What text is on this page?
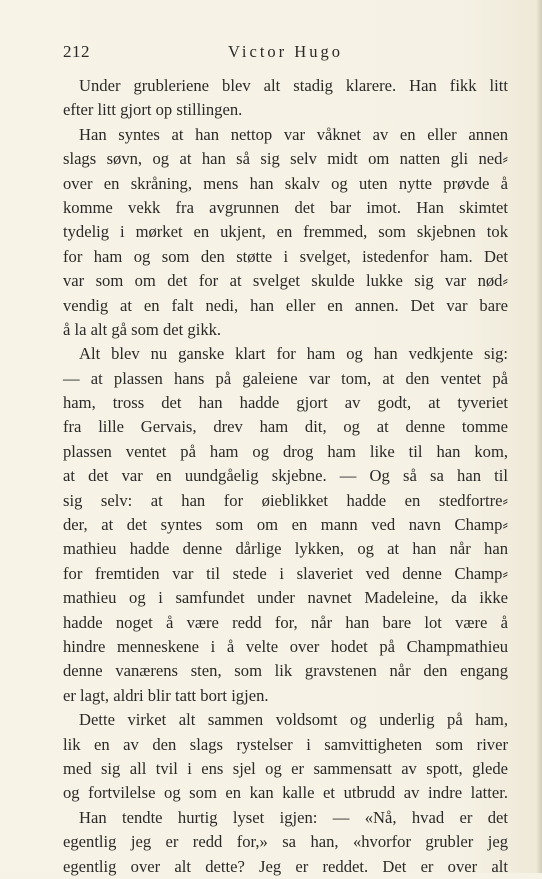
212	Victor Hugo
Under grubleriene blev alt stadig klarere. Han fikk litt
efter litt gjort op stillingen.
Han syntes at han nettop var våknet av en eller annen
slags søvn, og at han så sig selv midt om natten gli ned⸗
over en skråning, mens han skalv og uten nytte prøvde å
komme vekk fra avgrunnen det bar imot. Han skimtet
tydelig i mørket en ukjent, en fremmed, som skjebnen tok
for ham og som den støtte i svelget, istedenfor ham. Det
var som om det for at svelget skulde lukke sig var nød⸗
vendig at en falt nedi, han eller en annen. Det var bare
å la alt gå som det gikk.
Alt blev nu ganske klart for ham og han vedkjente sig:
— at plassen hans på galeiene var tom, at den ventet på
ham, tross det han hadde gjort av godt, at tyveriet
fra lille Gervais, drev ham dit, og at denne tomme
plassen ventet på ham og drog ham like til han kom,
at det var en uundgåelig skjebne. — Og så sa han til
sig selv: at han for øieblikket hadde en stedfortre⸗
der, at det syntes som om en mann ved navn Champ⸗
mathieu hadde denne dårlige lykken, og at han når han
for fremtiden var til stede i slaveriet ved denne Champ⸗
mathieu og i samfundet under navnet Madeleine, da ikke
hadde noget å være redd for, når han bare lot være å
hindre menneskene i å velte over hodet på Champmathieu
denne vanærens sten, som lik gravstenen når den engang
er lagt, aldri blir tatt bort igjen.
Dette virket alt sammen voldsomt og underlig på ham,
lik en av den slags rystelser i samvittigheten som river
med sig all tvil i ens sjel og er sammensatt av spott, glede
og fortvilelse og som en kan kalle et utbrudd av indre latter.
Han tendte hurtig lyset igjen: — «Nå, hvad er det
egentlig jeg er redd for,» sa han, «hvorfor grubler jeg
egentlig over alt dette? Jeg er reddet. Det er over alt
